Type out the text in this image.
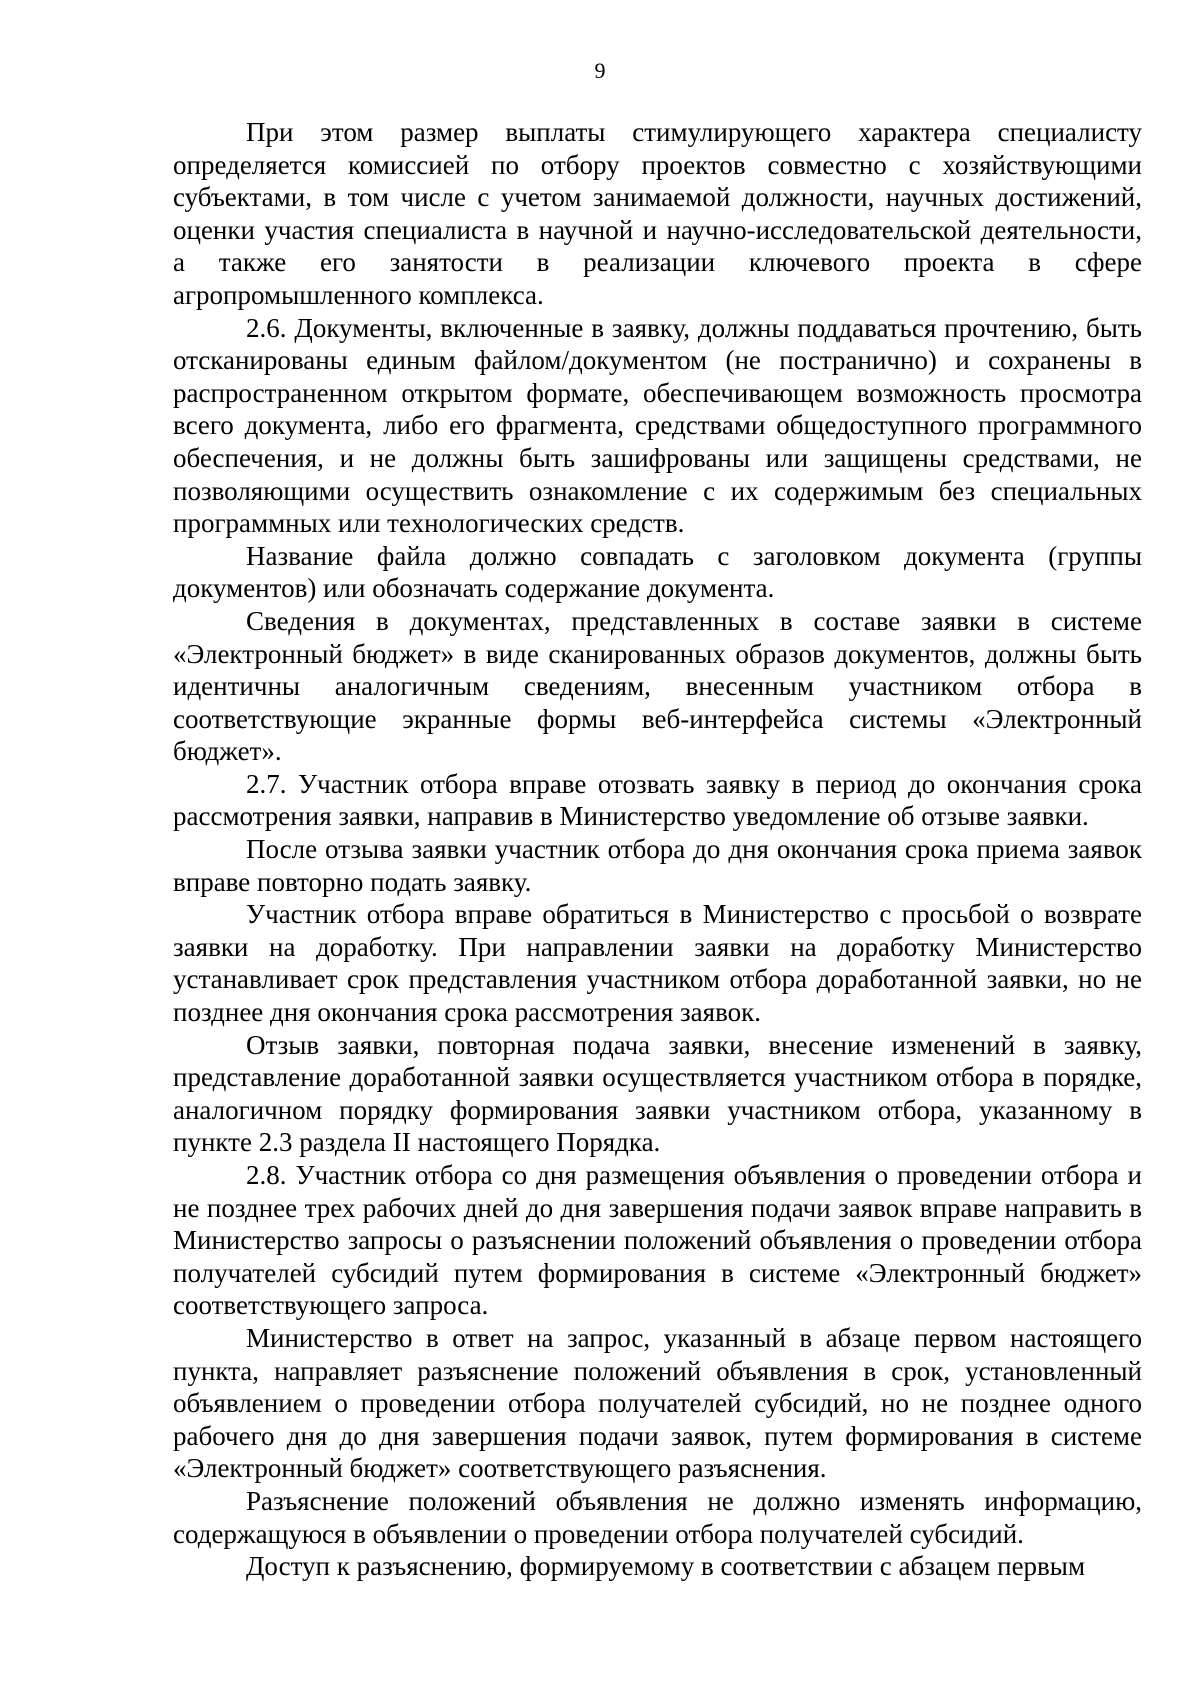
9

При этом размер выплаты стимулирующего характера специалисту определяется комиссией по отбору проектов совместно с хозяйствующими субъектами, в том числе с учетом занимаемой должности, научных достижений, оценки участия специалиста в научной и научно-исследовательской деятельности, а также его занятости в реализации ключевого проекта в сфере агропромышленного комплекса.

2.6. Документы, включенные в заявку, должны поддаваться прочтению, быть отсканированы единым файлом/документом (не постранично) и сохранены в распространенном открытом формате, обеспечивающем возможность просмотра всего документа, либо его фрагмента, средствами общедоступного программного обеспечения, и не должны быть зашифрованы или защищены средствами, не позволяющими осуществить ознакомление с их содержимым без специальных программных или технологических средств.

Название файла должно совпадать с заголовком документа (группы документов) или обозначать содержание документа.

Сведения в документах, представленных в составе заявки в системе «Электронный бюджет» в виде сканированных образов документов, должны быть идентичны аналогичным сведениям, внесенным участником отбора в соответствующие экранные формы веб-интерфейса системы «Электронный бюджет».

2.7. Участник отбора вправе отозвать заявку в период до окончания срока рассмотрения заявки, направив в Министерство уведомление об отзыве заявки.

После отзыва заявки участник отбора до дня окончания срока приема заявок вправе повторно подать заявку.

Участник отбора вправе обратиться в Министерство с просьбой о возврате заявки на доработку. При направлении заявки на доработку Министерство устанавливает срок представления участником отбора доработанной заявки, но не позднее дня окончания срока рассмотрения заявок.

Отзыв заявки, повторная подача заявки, внесение изменений в заявку, представление доработанной заявки осуществляется участником отбора в порядке, аналогичном порядку формирования заявки участником отбора, указанному в пункте 2.3 раздела II настоящего Порядка.

2.8. Участник отбора со дня размещения объявления о проведении отбора и не позднее трех рабочих дней до дня завершения подачи заявок вправе направить в Министерство запросы о разъяснении положений объявления о проведении отбора получателей субсидий путем формирования в системе «Электронный бюджет» соответствующего запроса.

Министерство в ответ на запрос, указанный в абзаце первом настоящего пункта, направляет разъяснение положений объявления в срок, установленный объявлением о проведении отбора получателей субсидий, но не позднее одного рабочего дня до дня завершения подачи заявок, путем формирования в системе «Электронный бюджет» соответствующего разъяснения.

Разъяснение положений объявления не должно изменять информацию, содержащуюся в объявлении о проведении отбора получателей субсидий.

Доступ к разъяснению, формируемому в соответствии с абзацем первым
